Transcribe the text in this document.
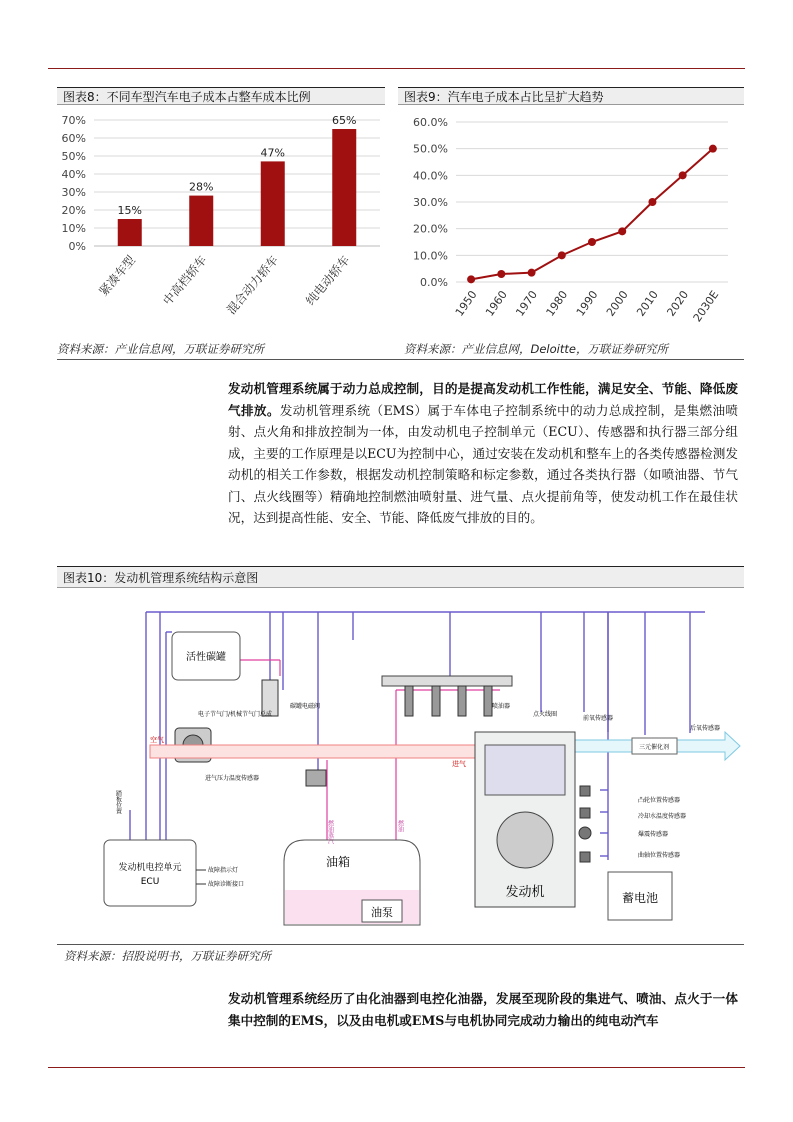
图表8：不同车型汽车电子成本占整车成本比例	图表9：汽车电子成本占比呈扩大趋势
0%
10%
20%
30%
40%
50%
60%
70%
15%
紧凑车型
28%
中高档轿车
47%
混合动力轿车
65%
纯电动轿车	0.0%
10.0%
20.0%
30.0%
40.0%
50.0%
60.0%
1950 1960 1970 1980 1990 2000 2010 2020 2030E
资料来源：产业信息网，万联证券研究所	资料来源：产业信息网，Deloitte，万联证券研究所
发动机管理系统属于动力总成控制，目的是提高发动机工作性能，满足安全、节能、降低废气排放。发动机管理系统（EMS）属于车体电子控制系统中的动力总成控制，是集燃油喷射、点火角和排放控制为一体，由发动机电子控制单元（ECU）、传感器和执行器三部分组成，主要的工作原理是以ECU为控制中心，通过安装在发动机和整车上的各类传感器检测发动机的相关工作参数，根据发动机控制策略和标定参数，通过各类执行器（如喷油器、节气门、点火线圈等）精确地控制燃油喷射量、进气量、点火提前角等，使发动机工作在最佳状况，达到提高性能、安全、节能、降低废气排放的目的。
图表10：发动机管理系统结构示意图
活性碳罐
碳罐电磁阀
电子节气门/机械节气门总成
空气
进气
进气压力温度传感器
喷油器
点火线圈
前氧传感器
后氧传感器
三元催化剂
发动机
凸轮位置传感器
冷却水温度传感器
爆震传感器
曲轴位置传感器
蓄电池
发动机电控单元 ECU
故障指示灯
故障诊断接口
踏板位置
油箱
油泵
燃油蒸汽	燃油
资料来源：招股说明书，万联证券研究所
发动机管理系统经历了由化油器到电控化油器，发展至现阶段的集进气、喷油、点火于一体集中控制的EMS，以及由电机或EMS与电机协同完成动力输出的纯电动汽车
